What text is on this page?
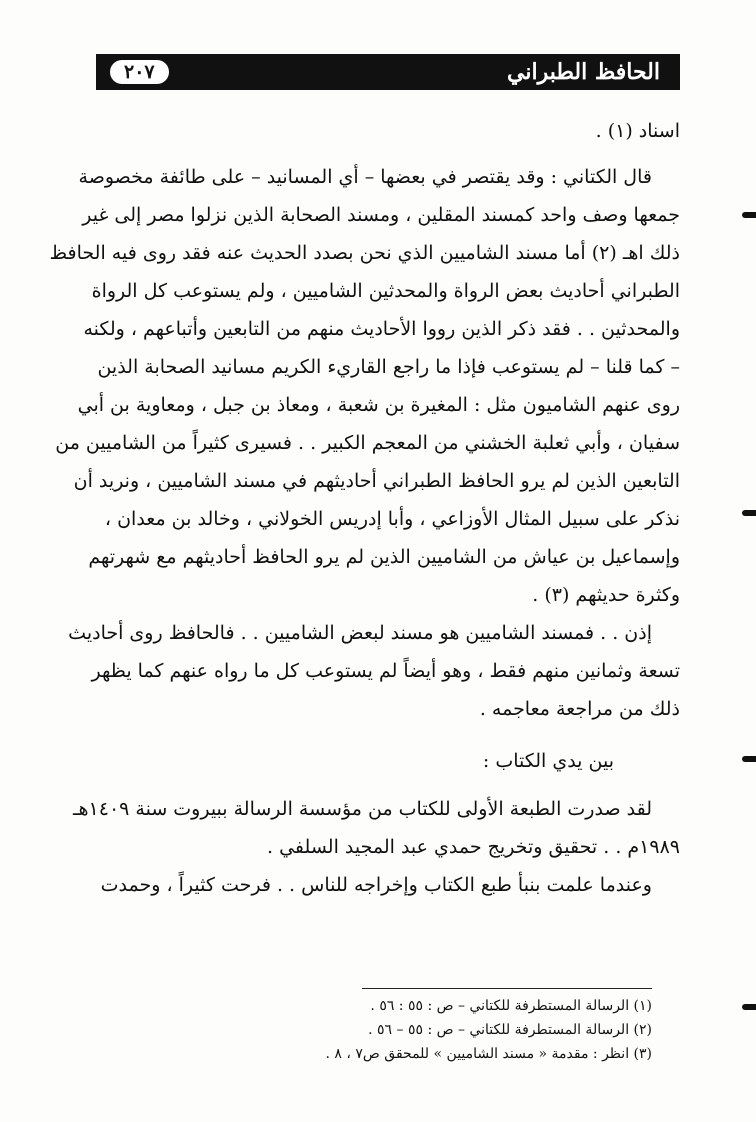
الحافظ الطبراني
٢٠٧
اسناد (١) .
قال الكتاني : وقد يقتصر في بعضها – أي المسانيد – على طائفة مخصوصة
جمعها وصف واحد كمسند المقلين ، ومسند الصحابة الذين نزلوا مصر إلى غير
ذلك اهـ (٢) أما مسند الشاميين الذي نحن بصدد الحديث عنه فقد روى فيه الحافظ
الطبراني أحاديث بعض الرواة والمحدثين الشاميين ، ولم يستوعب كل الرواة
والمحدثين . . فقد ذكر الذين رووا الأحاديث منهم من التابعين وأتباعهم ، ولكنه
– كما قلنا – لم يستوعب فإذا ما راجع القاريء الكريم مسانيد الصحابة الذين
روى عنهم الشاميون مثل : المغيرة بن شعبة ، ومعاذ بن جبل ، ومعاوية بن أبي
سفيان ، وأبي ثعلبة الخشني من المعجم الكبير . . فسيرى كثيراً من الشاميين من
التابعين الذين لم يرو الحافظ الطبراني أحاديثهم في مسند الشاميين ، ونريد أن
نذكر على سبيل المثال الأوزاعي ، وأبا إدريس الخولاني ، وخالد بن معدان ،
وإسماعيل بن عياش من الشاميين الذين لم يرو الحافظ أحاديثهم مع شهرتهم
وكثرة حديثهم (٣) .
إذن . . فمسند الشاميين هو مسند لبعض الشاميين . . فالحافظ روى أحاديث
تسعة وثمانين منهم فقط ، وهو أيضاً لم يستوعب كل ما رواه عنهم كما يظهر
ذلك من مراجعة معاجمه .
بين يدي الكتاب :
لقد صدرت الطبعة الأولى للكتاب من مؤسسة الرسالة ببيروت سنة ١٤٠٩هـ
١٩٨٩م . . تحقيق وتخريج حمدي عبد المجيد السلفي .
وعندما علمت بنبأ طبع الكتاب وإخراجه للناس . . فرحت كثيراً ، وحمدت
(١) الرسالة المستطرفة للكتاني – ص : ٥٥ : ٥٦ .
(٢) الرسالة المستطرفة للكتاني – ص : ٥٥ – ٥٦ .
(٣) انظر : مقدمة « مسند الشاميين » للمحقق ص٧ ، ٨ .
